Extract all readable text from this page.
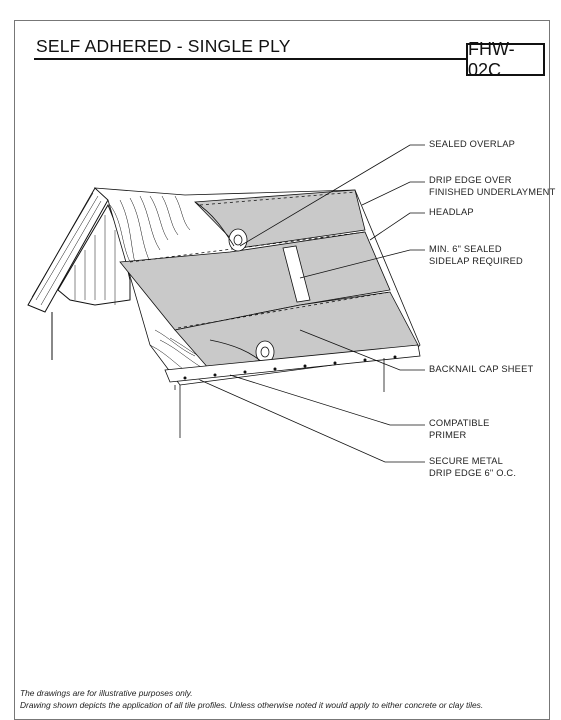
SELF ADHERED - SINGLE PLY	FHW-02C
SEALED OVERLAP
DRIP EDGE OVER
FINISHED UNDERLAYMENT
HEADLAP
MIN. 6" SEALED
SIDELAP REQUIRED
BACKNAIL CAP SHEET
COMPATIBLE
PRIMER
SECURE METAL
DRIP EDGE 6" O.C.
The drawings are for illustrative purposes only.
Drawing shown depicts the application of all tile profiles. Unless otherwise noted it would apply to either concrete or clay tiles.
